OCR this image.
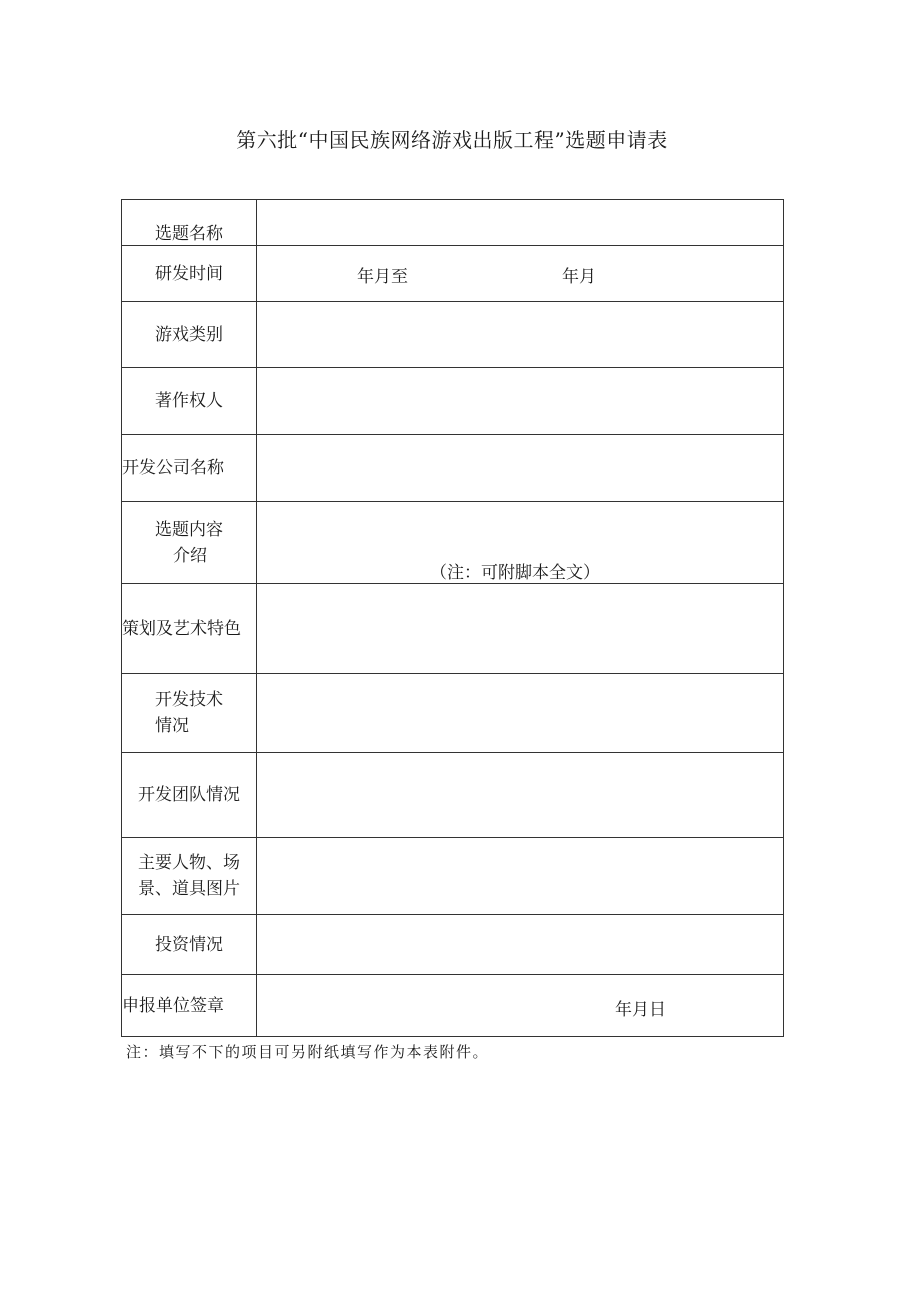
第六批“中国民族网络游戏出版工程”选题申请表
选题名称	

研发时间	年月至 年月

游戏类别	

著作权人	

开发公司名称	

选题内容
介绍	（注：可附脚本全文）

策划及艺术特色	

开发技术
情况	

开发团队情况	

主要人物、场
景、道具图片	

投资情况	

申报单位签章	年月日
注：填写不下的项目可另附纸填写作为本表附件。
